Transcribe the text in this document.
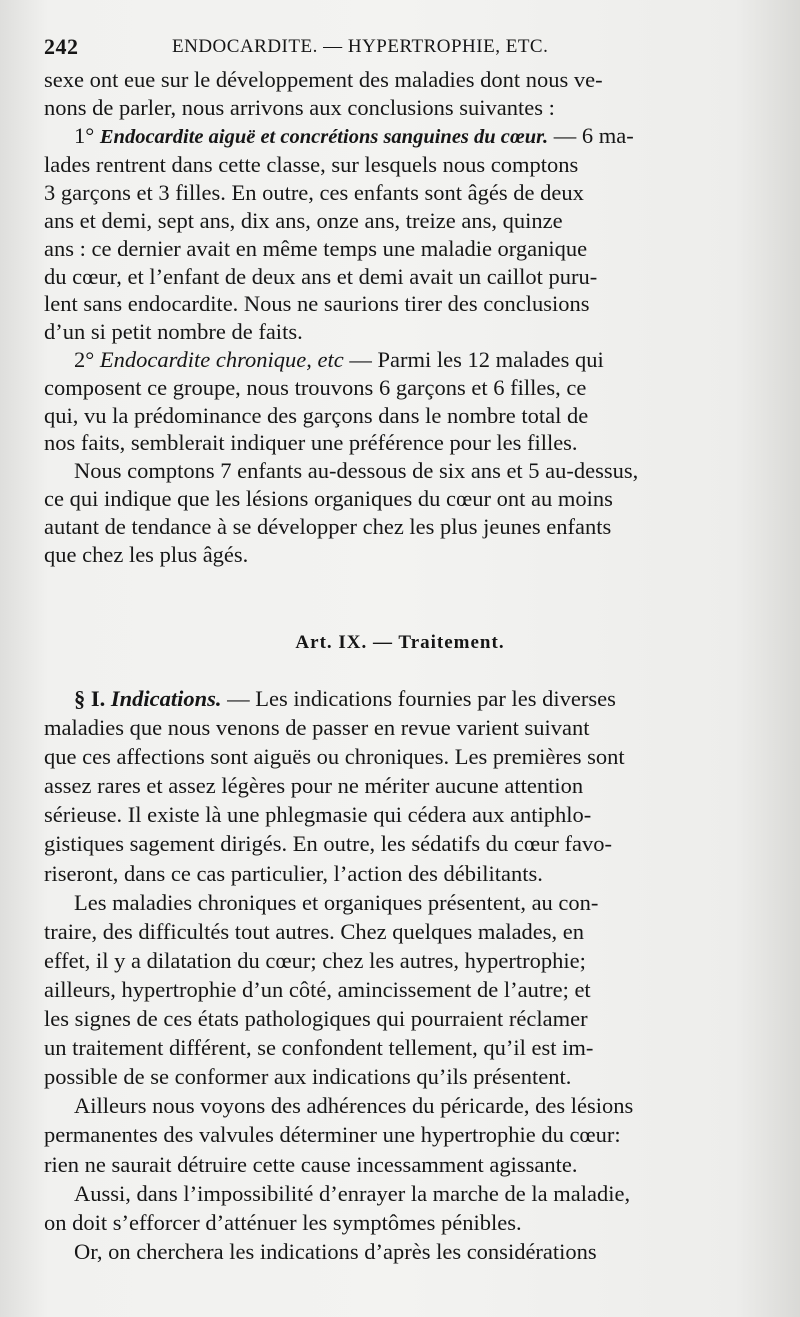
242	ENDOCARDITE. — HYPERTROPHIE, ETC.
sexe ont eue sur le développement des maladies dont nous ve-
nons de parler, nous arrivons aux conclusions suivantes :
1° Endocardite aiguë et concrétions sanguines du cœur. — 6 ma-
lades rentrent dans cette classe, sur lesquels nous comptons
3 garçons et 3 filles. En outre, ces enfants sont âgés de deux
ans et demi, sept ans, dix ans, onze ans, treize ans, quinze
ans : ce dernier avait en même temps une maladie organique
du cœur, et l’enfant de deux ans et demi avait un caillot puru-
lent sans endocardite. Nous ne saurions tirer des conclusions
d’un si petit nombre de faits.
2° Endocardite chronique, etc — Parmi les 12 malades qui
composent ce groupe, nous trouvons 6 garçons et 6 filles, ce
qui, vu la prédominance des garçons dans le nombre total de
nos faits, semblerait indiquer une préférence pour les filles.
Nous comptons 7 enfants au-dessous de six ans et 5 au-dessus,
ce qui indique que les lésions organiques du cœur ont au moins
autant de tendance à se développer chez les plus jeunes enfants
que chez les plus âgés.
Art. IX. — Traitement.
§ I. Indications. — Les indications fournies par les diverses
maladies que nous venons de passer en revue varient suivant
que ces affections sont aiguës ou chroniques. Les premières sont
assez rares et assez légères pour ne mériter aucune attention
sérieuse. Il existe là une phlegmasie qui cédera aux antiphlo-
gistiques sagement dirigés. En outre, les sédatifs du cœur favo-
riseront, dans ce cas particulier, l’action des débilitants.
Les maladies chroniques et organiques présentent, au con-
traire, des difficultés tout autres. Chez quelques malades, en
effet, il y a dilatation du cœur; chez les autres, hypertrophie;
ailleurs, hypertrophie d’un côté, amincissement de l’autre; et
les signes de ces états pathologiques qui pourraient réclamer
un traitement différent, se confondent tellement, qu’il est im-
possible de se conformer aux indications qu’ils présentent.
Ailleurs nous voyons des adhérences du péricarde, des lésions
permanentes des valvules déterminer une hypertrophie du cœur:
rien ne saurait détruire cette cause incessamment agissante.
Aussi, dans l’impossibilité d’enrayer la marche de la maladie,
on doit s’efforcer d’atténuer les symptômes pénibles.
Or, on cherchera les indications d’après les considérations
